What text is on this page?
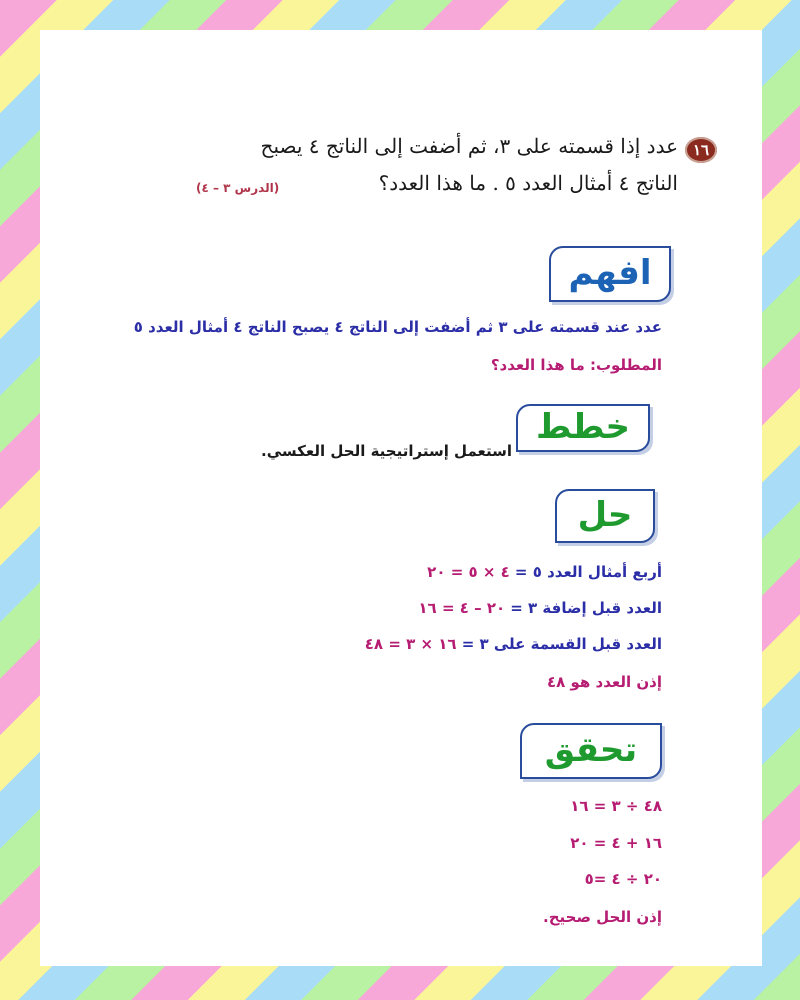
١٦
عدد إذا قسمته على ٣، ثم أضفت إلى الناتج ٤ يصبح
الناتج ٤ أمثال العدد ٥ . ما هذا العدد؟
(الدرس ٣ – ٤)
افهم
عدد عند قسمته على ٣ ثم أضفت إلى الناتج ٤ يصبح الناتج ٤ أمثال العدد ٥
المطلوب: ما هذا العدد؟
خطط
استعمل إستراتيجية الحل العكسي.
حل
أربع أمثال العدد ٥ = ٤ × ٥ = ٢٠
العدد قبل إضافة ٣ = ٢٠ – ٤ = ١٦
العدد قبل القسمة على ٣ = ١٦ × ٣ = ٤٨
إذن العدد هو ٤٨
تحقق
٤٨ ÷ ٣ = ١٦
١٦ + ٤ = ٢٠
٢٠ ÷ ٤ =٥
إذن الحل صحيح.
